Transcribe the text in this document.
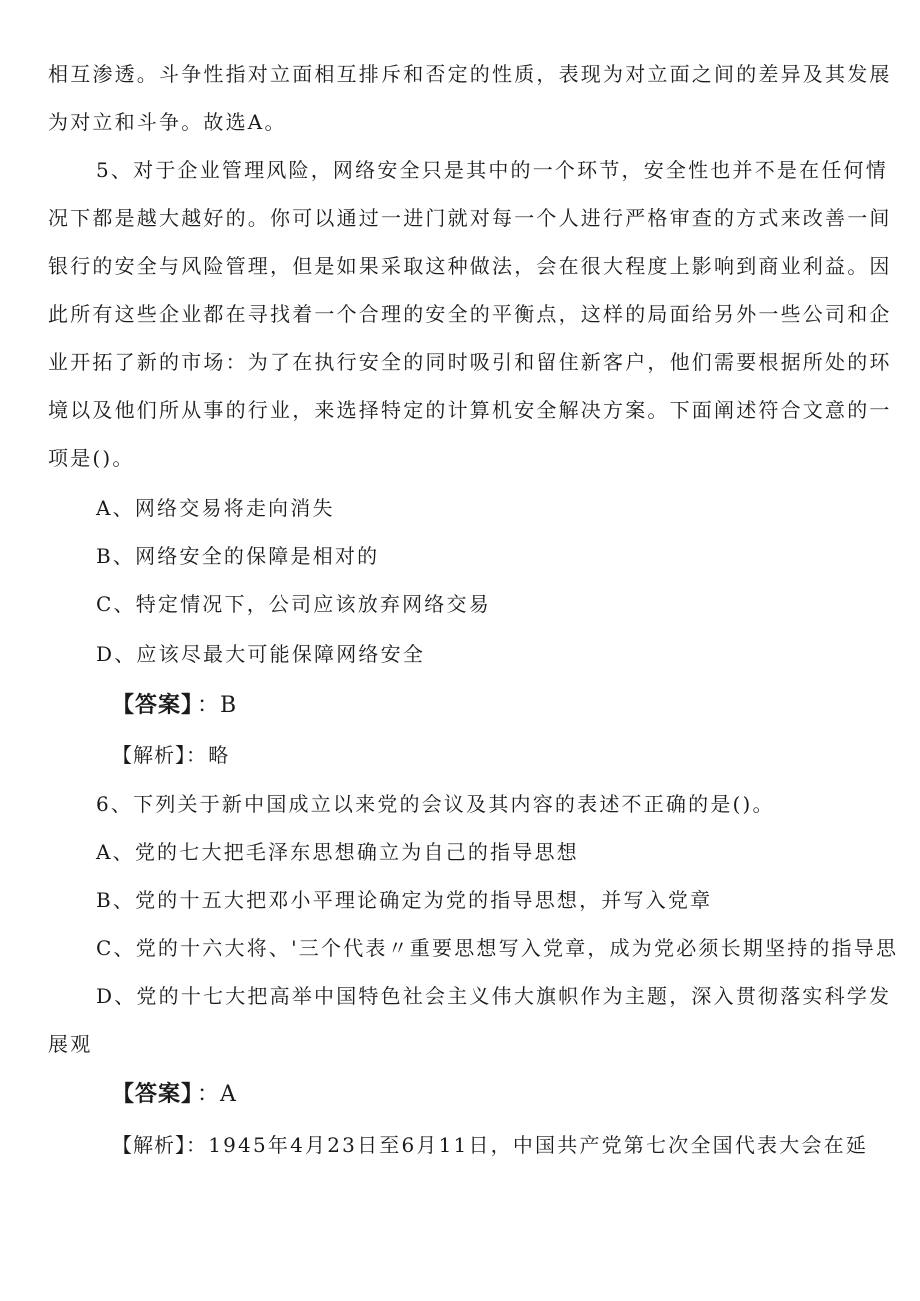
相互渗透。斗争性指对立面相互排斥和否定的性质，表现为对立面之间的差异及其发展
为对立和斗争。故选A。
5、对于企业管理风险，网络安全只是其中的一个环节，安全性也并不是在任何情
况下都是越大越好的。你可以通过一进门就对每一个人进行严格审查的方式来改善一间
银行的安全与风险管理，但是如果采取这种做法，会在很大程度上影响到商业利益。因
此所有这些企业都在寻找着一个合理的安全的平衡点，这样的局面给另外一些公司和企
业开拓了新的市场：为了在执行安全的同时吸引和留住新客户，他们需要根据所处的环
境以及他们所从事的行业，来选择特定的计算机安全解决方案。下面阐述符合文意的一
项是()。
A、网络交易将走向消失
B、网络安全的保障是相对的
C、特定情况下，公司应该放弃网络交易
D、应该尽最大可能保障网络安全
【答案】 ：B
【解析】：略
6、下列关于新中国成立以来党的会议及其内容的表述不正确的是()。
A、党的七大把毛泽东思想确立为自己的指导思想
B、党的十五大把邓小平理论确定为党的指导思想，并写入党章
C、党的十六大将、'三个代表〃重要思想写入党章，成为党必须长期坚持的指导思
D、党的十七大把高举中国特色社会主义伟大旗帜作为主题，深入贯彻落实科学发
展观
【答案】 ：A
【解析】：1945年4月23日至6月11日，中国共产党第七次全国代表大会在延
